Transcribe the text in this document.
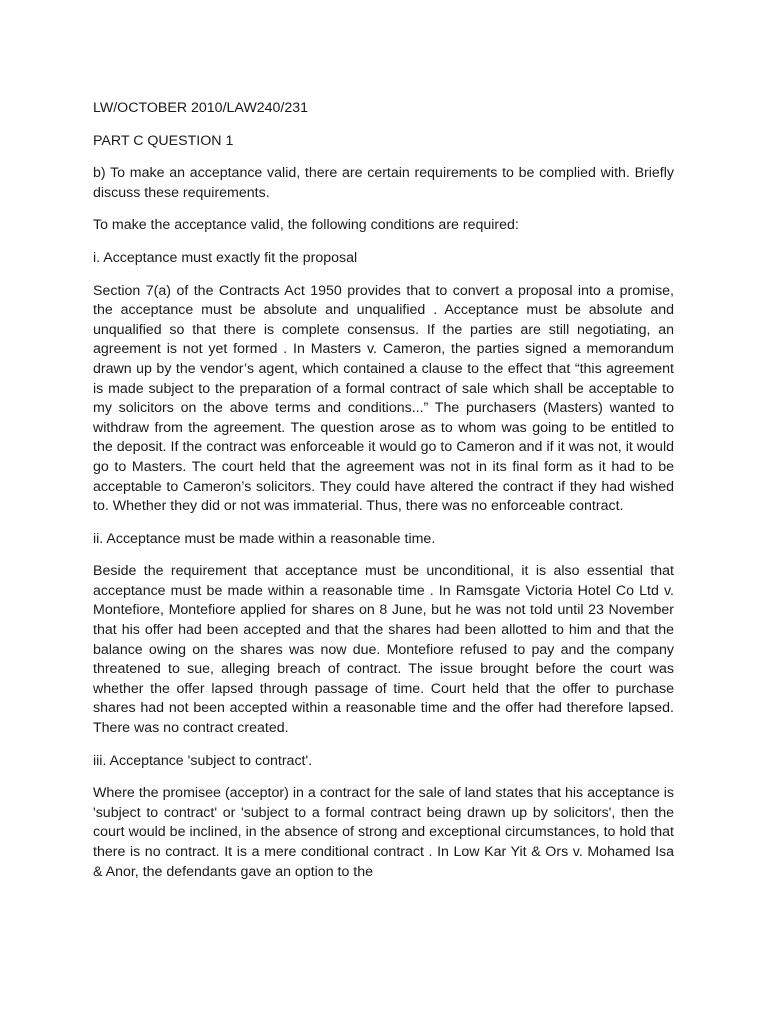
LW/OCTOBER 2010/LAW240/231

PART C QUESTION 1

b) To make an acceptance valid, there are certain requirements to be complied with. Briefly discuss these requirements.

To make the acceptance valid, the following conditions are required:

i. Acceptance must exactly fit the proposal

Section 7(a) of the Contracts Act 1950 provides that to convert a proposal into a promise, the acceptance must be absolute and unqualified . Acceptance must be absolute and unqualified so that there is complete consensus. If the parties are still negotiating, an agreement is not yet formed . In Masters v. Cameron, the parties signed a memorandum drawn up by the vendor’s agent, which contained a clause to the effect that “this agreement is made subject to the preparation of a formal contract of sale which shall be acceptable to my solicitors on the above terms and conditions...” The purchasers (Masters) wanted to withdraw from the agreement. The question arose as to whom was going to be entitled to the deposit. If the contract was enforceable it would go to Cameron and if it was not, it would go to Masters. The court held that the agreement was not in its final form as it had to be acceptable to Cameron’s solicitors. They could have altered the contract if they had wished to. Whether they did or not was immaterial. Thus, there was no enforceable contract.

ii. Acceptance must be made within a reasonable time.

Beside the requirement that acceptance must be unconditional, it is also essential that acceptance must be made within a reasonable time . In Ramsgate Victoria Hotel Co Ltd v. Montefiore, Montefiore applied for shares on 8 June, but he was not told until 23 November that his offer had been accepted and that the shares had been allotted to him and that the balance owing on the shares was now due. Montefiore refused to pay and the company threatened to sue, alleging breach of contract. The issue brought before the court was whether the offer lapsed through passage of time. Court held that the offer to purchase shares had not been accepted within a reasonable time and the offer had therefore lapsed. There was no contract created.

iii. Acceptance 'subject to contract'.

Where the promisee (acceptor) in a contract for the sale of land states that his acceptance is 'subject to contract' or 'subject to a formal contract being drawn up by solicitors', then the court would be inclined, in the absence of strong and exceptional circumstances, to hold that there is no contract. It is a mere conditional contract . In Low Kar Yit & Ors v. Mohamed Isa & Anor, the defendants gave an option to the
